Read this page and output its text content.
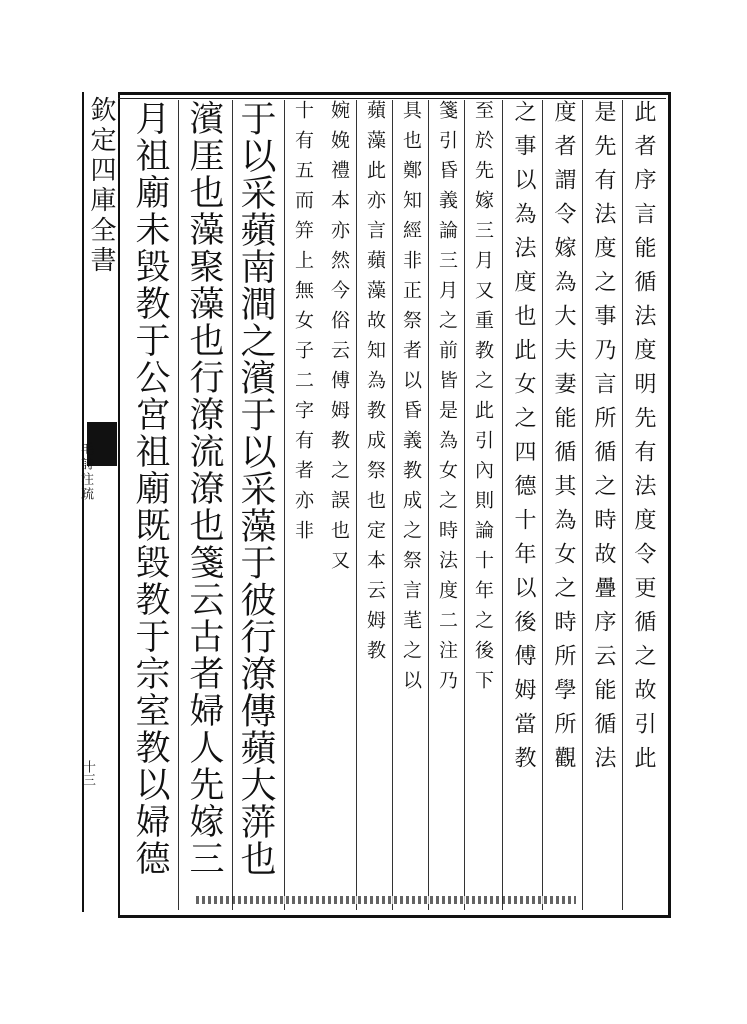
欽定四庫全書
毛詩注疏
十三	此者序言能循法度明先有法度令更循之故引此
是先有法度之事乃言所循之時故疊序云能循法
度者謂令嫁為大夫妻能循其為女之時所學所觀
之事以為法度也此女之四德十年以後傅姆當教
至於先嫁三月又重教之此引內則論十年之後下
箋引昏義論三月之前皆是為女之時法度二注乃
具也鄭知經非正祭者以昏義教成之祭言芼之以
蘋藻此亦言蘋藻故知為教成祭也定本云姆教
婉娩禮本亦然今俗云傅姆教之誤也又
十有五而笄上無女子二字有者亦非
于以采蘋南澗之濱于以采藻于彼行潦傳蘋大蓱也
濱厓也藻聚藻也行潦流潦也箋云古者婦人先嫁三
月祖廟未毀教于公宮祖廟既毀教于宗室教以婦德
